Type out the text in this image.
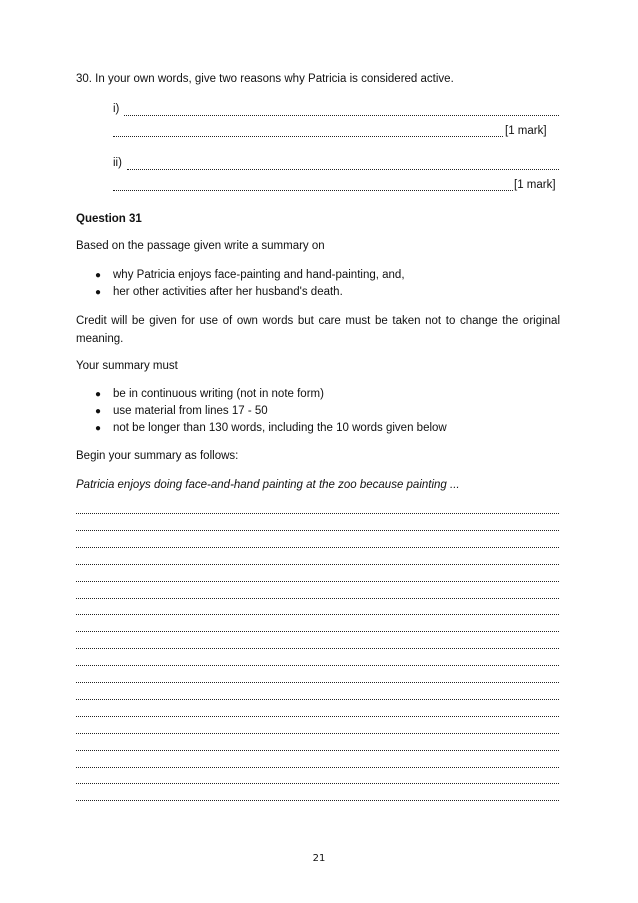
30. In your own words, give two reasons why Patricia is considered active.
i)
[1 mark]
ii)
[1 mark]
Question 31
Based on the passage given write a summary on
● why Patricia enjoys face-painting and hand-painting, and,
● her other activities after her husband's death.
Credit will be given for use of own words but care must be taken not to change the original meaning.
Your summary must
● be in continuous writing (not in note form)
● use material from lines 17 - 50
● not be longer than 130 words, including the 10 words given below
Begin your summary as follows:
Patricia enjoys doing face-and-hand painting at the zoo because painting ...
21
